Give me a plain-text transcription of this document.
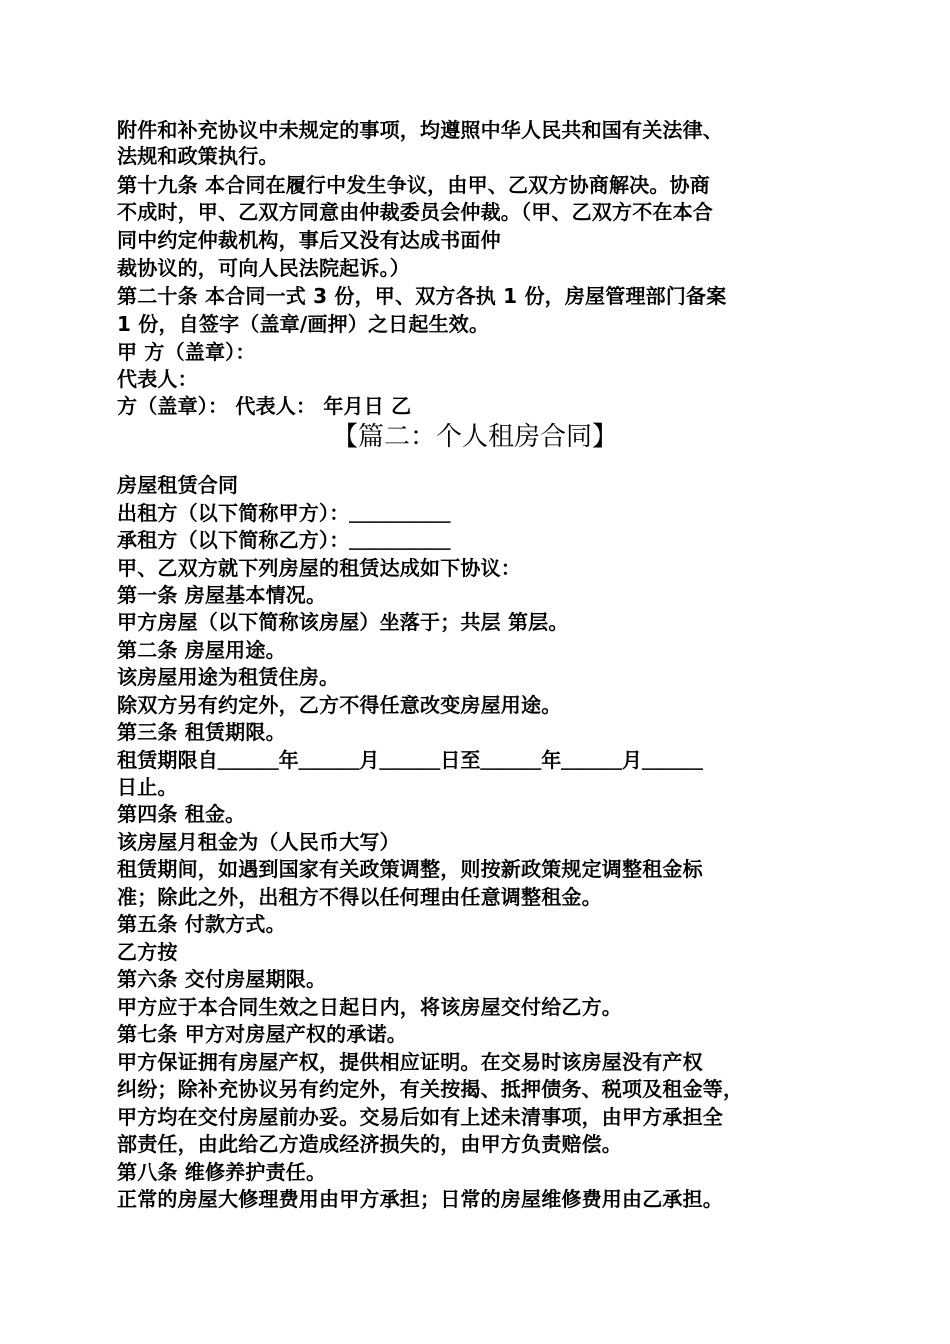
附件和补充协议中未规定的事项，均遵照中华人民共和国有关法律、
法规和政策执行。
第十九条 本合同在履行中发生争议，由甲、乙双方协商解决。协商
不成时，甲、乙双方同意由仲裁委员会仲裁。（甲、乙双方不在本合
同中约定仲裁机构，事后又没有达成书面仲
裁协议的，可向人民法院起诉。）
第二十条 本合同一式 3 份，甲、双方各执 1 份，房屋管理部门备案
1 份，自签字（盖章/画押）之日起生效。
甲 方（盖章）：
代表人：
方（盖章）： 代表人： 年月日 乙
【篇二：个人租房合同】
房屋租赁合同
出租方（以下简称甲方）：＿＿＿＿＿
承租方（以下简称乙方）：＿＿＿＿＿
甲、乙双方就下列房屋的租赁达成如下协议：
第一条 房屋基本情况。
甲方房屋（以下简称该房屋）坐落于；共层 第层。
第二条 房屋用途。
该房屋用途为租赁住房。
除双方另有约定外，乙方不得任意改变房屋用途。
第三条 租赁期限。
租赁期限自＿＿＿年＿＿＿月＿＿＿日至＿＿＿年＿＿＿月＿＿＿
日止。
第四条 租金。
该房屋月租金为（人民币大写）
租赁期间，如遇到国家有关政策调整，则按新政策规定调整租金标
准；除此之外，出租方不得以任何理由任意调整租金。
第五条 付款方式。
乙方按
第六条 交付房屋期限。
甲方应于本合同生效之日起日内，将该房屋交付给乙方。
第七条 甲方对房屋产权的承诺。
甲方保证拥有房屋产权，提供相应证明。在交易时该房屋没有产权
纠纷；除补充协议另有约定外，有关按揭、抵押债务、税项及租金等，
甲方均在交付房屋前办妥。交易后如有上述未清事项，由甲方承担全
部责任，由此给乙方造成经济损失的，由甲方负责赔偿。
第八条 维修养护责任。
正常的房屋大修理费用由甲方承担；日常的房屋维修费用由乙承担。
